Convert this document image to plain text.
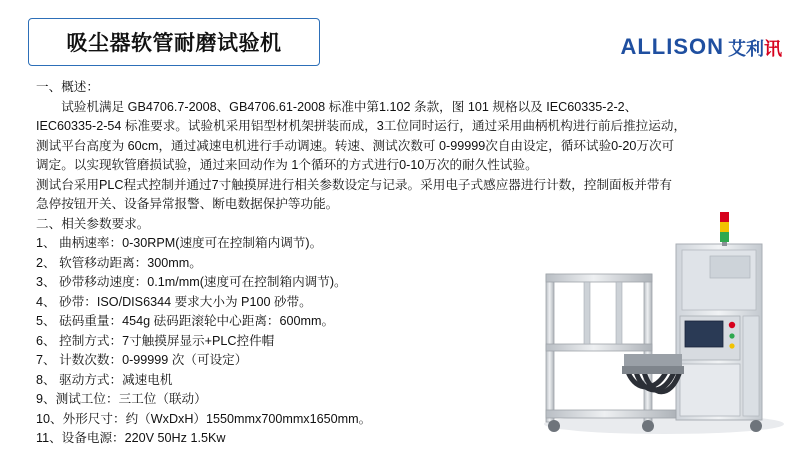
吸尘器软管耐磨试验机	ALLISON 艾利讯

一、概述：

试验机满足 GB4706.7-2008、GB4706.61-2008 标准中第1.102 条款，图 101 规格以及 IEC60335-2-2、

IEC60335-2-54 标准要求。试验机采用铝型材机架拼装而成，3工位同时运行，通过采用曲柄机构进行前后推拉运动，

测试平台高度为 60cm，通过减速电机进行手动调速。转速、测试次数可 0-99999次自由设定，循环试验0-20万次可

调定。以实现软管磨损试验，通过来回动作为 1个循环的方式进行0-10万次的耐久性试验。

测试台采用PLC程式控制并通过7寸触摸屏进行相关参数设定与记录。采用电子式感应器进行计数，控制面板并带有

急停按钮开关、设备异常报警、断电数据保护等功能。

二、相关参数要求。

1、 曲柄速率：0-30RPM(速度可在控制箱内调节)。

2、 软管移动距离：300mm。

3、 砂带移动速度：0.1m/mm(速度可在控制箱内调节)。

4、 砂带：ISO/DIS6344 要求大小为 P100 砂带。

5、 砝码重量：454g 砝码距滚轮中心距离：600mm。

6、 控制方式：7寸触摸屏显示+PLC控件帽

7、 计数次数：0-99999 次（可设定）

8、 驱动方式：减速电机

9、测试工位：三工位（联动）

10、外形尺寸：约（WxDxH）1550mmx700mmx1650mm。

11、设备电源：220V 50Hz 1.5Kw
